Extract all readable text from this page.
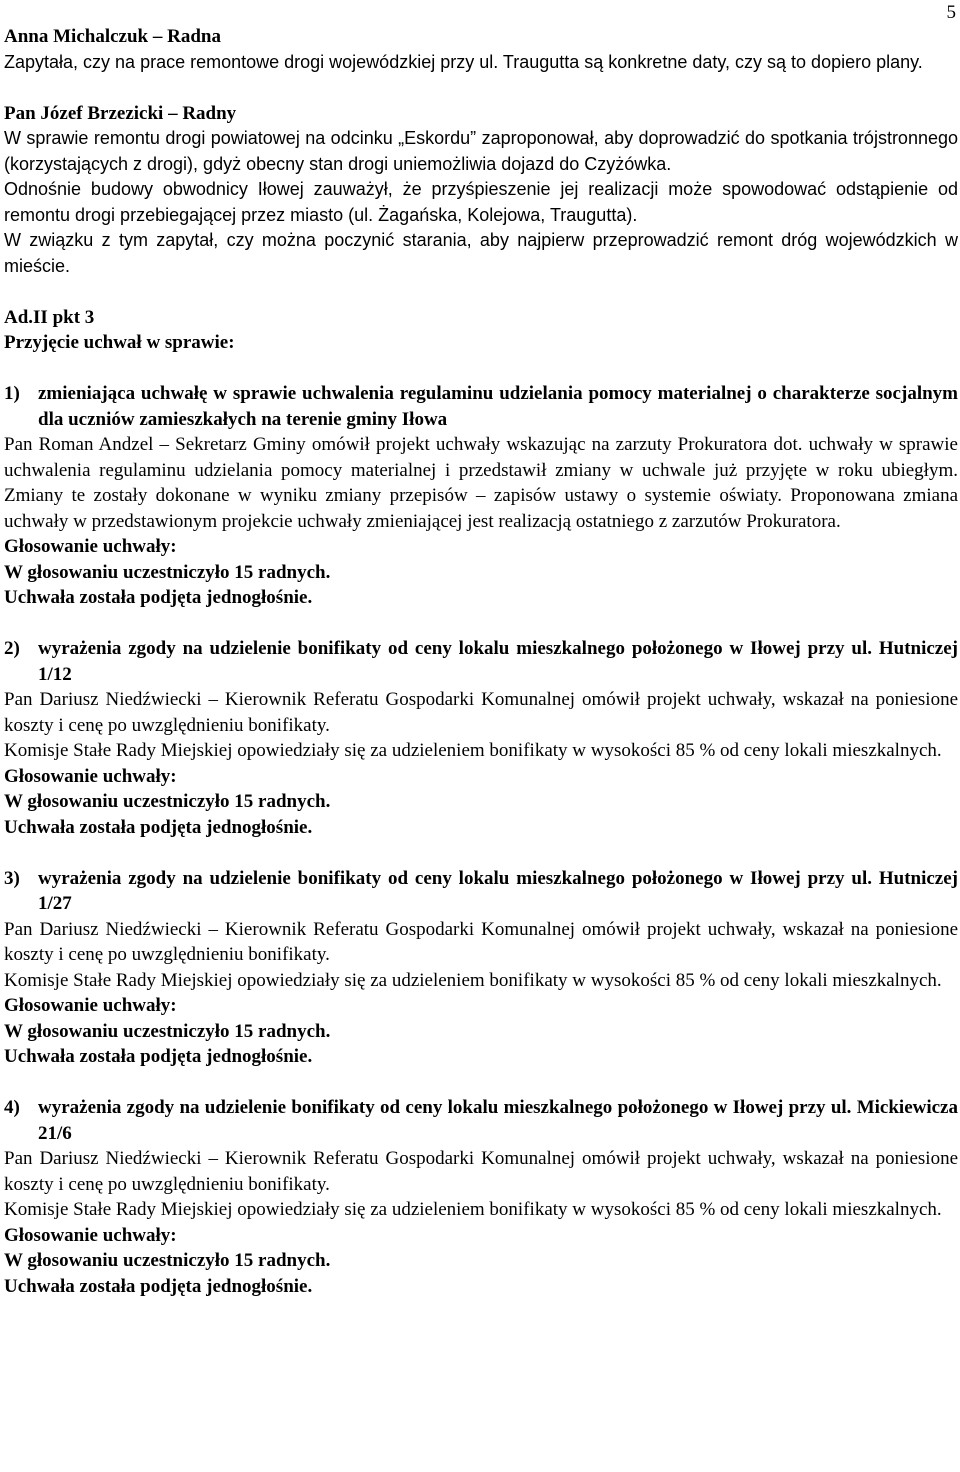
5

Anna Michalczuk – Radna

Zapytała, czy na prace remontowe drogi wojewódzkiej przy ul. Traugutta są konkretne daty, czy są to dopiero plany.

Pan Józef Brzezicki – Radny

W sprawie remontu drogi powiatowej na odcinku „Eskordu” zaproponował, aby doprowadzić do spotkania trójstronnego (korzystających z drogi), gdyż obecny stan drogi uniemożliwia dojazd do Czyżówka.

Odnośnie budowy obwodnicy Iłowej zauważył, że przyśpieszenie jej realizacji może spowodować odstąpienie od remontu drogi przebiegającej przez miasto (ul. Żagańska, Kolejowa, Traugutta).

W związku z tym zapytał, czy można poczynić starania, aby najpierw przeprowadzić remont dróg wojewódzkich w mieście.

Ad.II pkt 3

Przyjęcie uchwał w sprawie:

1) zmieniająca uchwałę w sprawie uchwalenia regulaminu udzielania pomocy materialnej o charakterze socjalnym dla uczniów zamieszkałych na terenie gminy Iłowa

Pan Roman Andzel – Sekretarz Gminy omówił projekt uchwały wskazując na zarzuty Prokuratora dot. uchwały w sprawie uchwalenia regulaminu udzielania pomocy materialnej i przedstawił zmiany w uchwale już przyjęte w roku ubiegłym. Zmiany te zostały dokonane w wyniku zmiany przepisów – zapisów ustawy o systemie oświaty. Proponowana zmiana uchwały w przedstawionym projekcie uchwały zmieniającej jest realizacją ostatniego z zarzutów Prokuratora.

Głosowanie uchwały:

W głosowaniu uczestniczyło 15 radnych.

Uchwała została podjęta jednogłośnie.

2) wyrażenia zgody na udzielenie bonifikaty od ceny lokalu mieszkalnego położonego w Iłowej przy ul. Hutniczej 1/12

Pan Dariusz Niedźwiecki – Kierownik Referatu Gospodarki Komunalnej omówił projekt uchwały, wskazał na poniesione koszty i cenę po uwzględnieniu bonifikaty.

Komisje Stałe Rady Miejskiej opowiedziały się za udzieleniem bonifikaty w wysokości 85 % od ceny lokali mieszkalnych.

Głosowanie uchwały:

W głosowaniu uczestniczyło 15 radnych.

Uchwała została podjęta jednogłośnie.

3) wyrażenia zgody na udzielenie bonifikaty od ceny lokalu mieszkalnego położonego w Iłowej przy ul. Hutniczej 1/27

Pan Dariusz Niedźwiecki – Kierownik Referatu Gospodarki Komunalnej omówił projekt uchwały, wskazał na poniesione koszty i cenę po uwzględnieniu bonifikaty.

Komisje Stałe Rady Miejskiej opowiedziały się za udzieleniem bonifikaty w wysokości 85 % od ceny lokali mieszkalnych.

Głosowanie uchwały:

W głosowaniu uczestniczyło 15 radnych.

Uchwała została podjęta jednogłośnie.

4) wyrażenia zgody na udzielenie bonifikaty od ceny lokalu mieszkalnego położonego w Iłowej przy ul. Mickiewicza 21/6

Pan Dariusz Niedźwiecki – Kierownik Referatu Gospodarki Komunalnej omówił projekt uchwały, wskazał na poniesione koszty i cenę po uwzględnieniu bonifikaty.

Komisje Stałe Rady Miejskiej opowiedziały się za udzieleniem bonifikaty w wysokości 85 % od ceny lokali mieszkalnych.

Głosowanie uchwały:

W głosowaniu uczestniczyło 15 radnych.

Uchwała została podjęta jednogłośnie.
